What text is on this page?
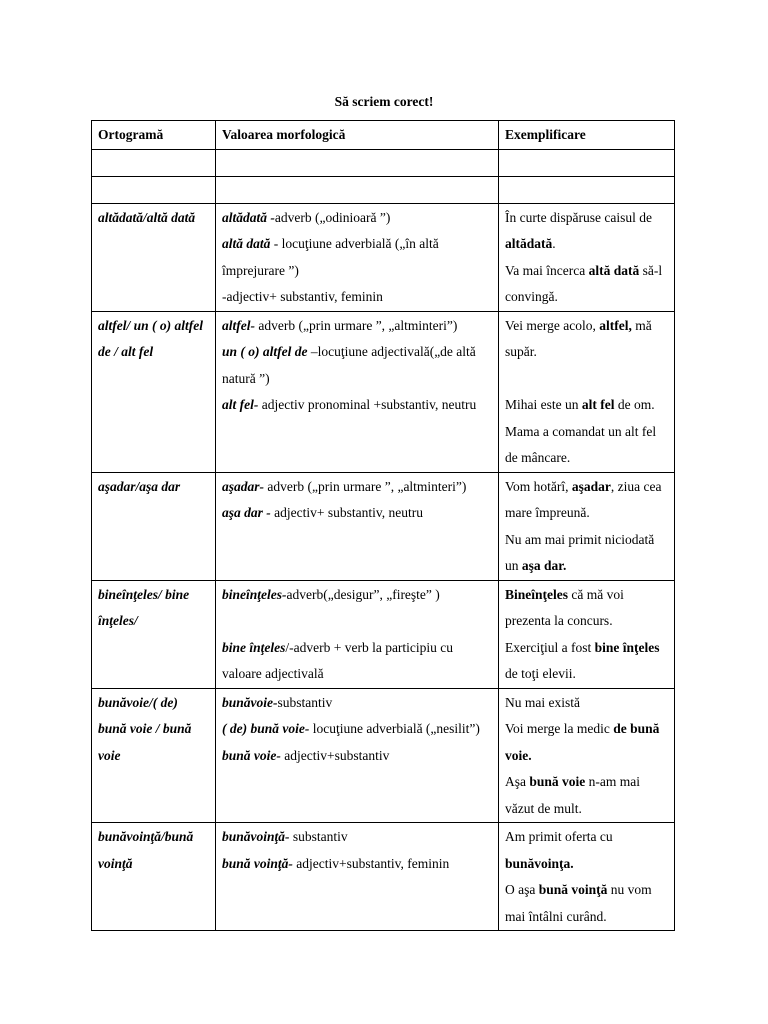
Să scriem corect!
Ortogramă	Valoarea morfologică	Exemplificare

altădată/altă dată	altădată -adverb („odinioară ”)
altă dată - locuţiune adverbială („în altă împrejurare ”)
-adjectiv+ substantiv, feminin	În curte dispăruse caisul de altădată.
Va mai încerca altă dată să-l convingă.

altfel/ un ( o) altfel de / alt fel	altfel- adverb („prin urmare ”, „altminteri”)
un ( o) altfel de –locuţiune adjectivală(„de altă natură ”)
alt fel- adjectiv pronominal +substantiv, neutru	Vei merge acolo, altfel, mă supăr.
Mihai este un alt fel de om.
Mama a comandat un alt fel de mâncare.

aşadar/aşa dar	aşadar- adverb („prin urmare ”, „altminteri”)
aşa dar - adjectiv+ substantiv, neutru	Vom hotărî, aşadar, ziua cea mare împreună.
Nu am mai primit niciodată un aşa dar.

bineînţeles/ bine înţeles/	bineînţeles-adverb(„desigur”, „fireşte” )
bine înţeles/-adverb + verb la participiu cu valoare adjectivală	Bineînţeles că mă voi prezenta la concurs.
Exerciţiul a fost bine înţeles de toţi elevii.

bunăvoie/( de) bună voie / bună voie	bunăvoie-substantiv
( de) bună voie- locuţiune adverbială („nesilit”)
bună voie- adjectiv+substantiv	Nu mai există
Voi merge la medic de bună voie.
Aşa bună voie n-am mai văzut de mult.

bunăvoinţă/bună voinţă	bunăvoinţă- substantiv
bună voinţă- adjectiv+substantiv, feminin	Am primit oferta cu bunăvoinţa.
O aşa bună voinţă nu vom mai întâlni curând.
